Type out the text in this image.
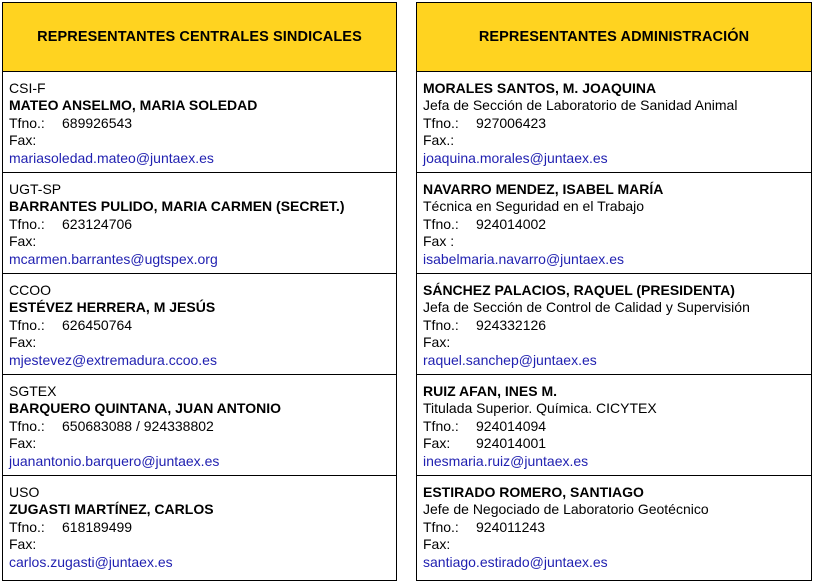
REPRESENTANTES CENTRALES SINDICALES
CSI-F
MATEO ANSELMO, MARIA SOLEDAD
Tfno.: 689926543
Fax:
mariasoledad.mateo@juntaex.es
UGT-SP
BARRANTES PULIDO, MARIA CARMEN (SECRET.)
Tfno.: 623124706
Fax:
mcarmen.barrantes@ugtspex.org
CCOO
ESTÉVEZ HERRERA, M JESÚS
Tfno.: 626450764
Fax:
mjestevez@extremadura.ccoo.es
SGTEX
BARQUERO QUINTANA, JUAN ANTONIO
Tfno.: 650683088 / 924338802
Fax:
juanantonio.barquero@juntaex.es
USO
ZUGASTI MARTÍNEZ, CARLOS
Tfno.: 618189499
Fax:
carlos.zugasti@juntaex.es
REPRESENTANTES ADMINISTRACIÓN
MORALES SANTOS, M. JOAQUINA
Jefa de Sección de Laboratorio de Sanidad Animal
Tfno.: 927006423
Fax.:
joaquina.morales@juntaex.es
NAVARRO MENDEZ, ISABEL MARÍA
Técnica en Seguridad en el Trabajo
Tfno.: 924014002
Fax :
isabelmaria.navarro@juntaex.es
SÁNCHEZ PALACIOS, RAQUEL (PRESIDENTA)
Jefa de Sección de Control de Calidad y Supervisión
Tfno.: 924332126
Fax:
raquel.sanchep@juntaex.es
RUIZ AFAN, INES M.
Titulada Superior. Química. CICYTEX
Tfno.: 924014094
Fax: 924014001
inesmaria.ruiz@juntaex.es
ESTIRADO ROMERO, SANTIAGO
Jefe de Negociado de Laboratorio Geotécnico
Tfno.: 924011243
Fax:
santiago.estirado@juntaex.es
